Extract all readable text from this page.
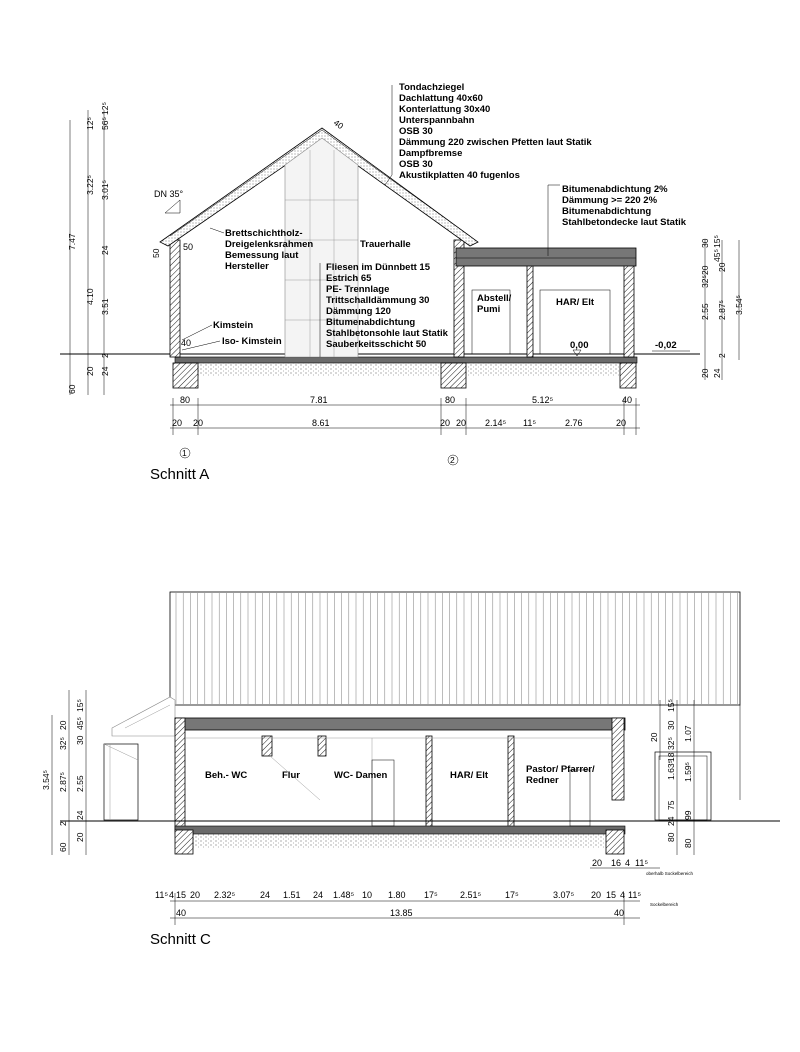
DN 35°
40
50
50
40
Brettschichtholz-
Dreigelenksrahmen
Bemessung laut
Hersteller
Trauerhalle
Tondachziegel
Dachlattung 40x60
Konterlattung 30x40
Unterspannbahn
OSB 30
Dämmung 220 zwischen Pfetten laut Statik
Dampfbremse
OSB 30
Akustikplatten 40 fugenlos
Bitumenabdichtung 2%
Dämmung >= 220 2%
Bitumenabdichtung
Stahlbetondecke laut Statik
Fliesen im Dünnbett 15
Estrich 65
PE- Trennlage
Trittschalldämmung 30
Dämmung 120
Bitumenabdichtung
Stahlbetonsohle laut Statik
Sauberkeitsschicht 50
Kimstein
Iso- Kimstein
Abstell/
Pumi
HAR/ Elt
0,00	-0,02
12⁵ 56⁵
12⁵
3.22⁵ 3.01⁵
7.47
24
4.10
3.51
2
60
20 24
30 15⁵
45⁵
20
32⁵
20
2.55 2.87⁵ 3.54⁵
2
20 24
80	7.81	80	5.12⁵	40
20 20	8.61	20 20 2.14⁵ 11⁵	2.76	20
1
2
Schnitt A
Beh.- WC	Flur	WC- Damen	HAR/ Elt
Pastor/ Pfarrer/
Redner
15⁵
45⁵
20
30
32⁵
3.54⁵ 2.87⁵ 2.55
24
2
20
60
15⁵
30
32⁵
20	1.07
1.63⁵
18
1.59⁵
75
24
80
99
80
20 16 4 11⁵
oberhalb Sockelbereich
Sockelbereich
11⁵ 4 15 20 2.32⁵	24 1.51 24 1.48⁵ 10 1.80 17⁵ 2.51⁵	17⁵	3.07⁵ 20 15 4 11⁵
40	13.85	40
Schnitt C
